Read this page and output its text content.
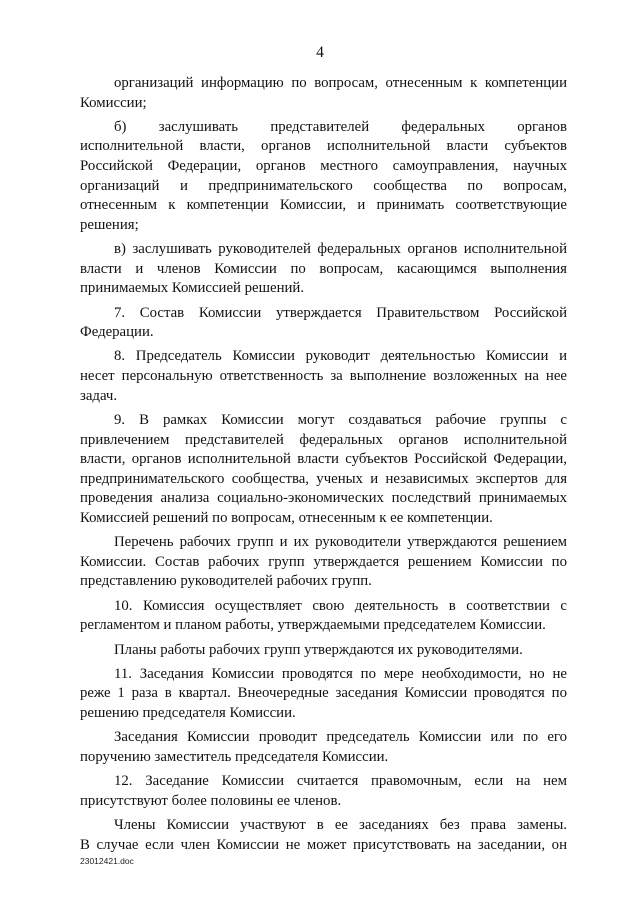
4
организаций информацию по вопросам, отнесенным к компетенции
Комиссии;
б) заслушивать представителей федеральных органов
исполнительной власти, органов исполнительной власти субъектов
Российской Федерации, органов местного самоуправления, научных
организаций и предпринимательского сообщества по вопросам,
отнесенным к компетенции Комиссии, и принимать соответствующие
решения;
в) заслушивать руководителей федеральных органов исполнительной
власти и членов Комиссии по вопросам, касающимся выполнения
принимаемых Комиссией решений.
7. Состав Комиссии утверждается Правительством Российской
Федерации.
8. Председатель Комиссии руководит деятельностью Комиссии и
несет персональную ответственность за выполнение возложенных на нее
задач.
9. В рамках Комиссии могут создаваться рабочие группы с
привлечением представителей федеральных органов исполнительной
власти, органов исполнительной власти субъектов Российской Федерации,
предпринимательского сообщества, ученых и независимых экспертов для
проведения анализа социально-экономических последствий принимаемых
Комиссией решений по вопросам, отнесенным к ее компетенции.
Перечень рабочих групп и их руководители утверждаются решением
Комиссии. Состав рабочих групп утверждается решением Комиссии по
представлению руководителей рабочих групп.
10. Комиссия осуществляет свою деятельность в соответствии с
регламентом и планом работы, утверждаемыми председателем Комиссии.
Планы работы рабочих групп утверждаются их руководителями.
11. Заседания Комиссии проводятся по мере необходимости, но не
реже 1 раза в квартал. Внеочередные заседания Комиссии проводятся по
решению председателя Комиссии.
Заседания Комиссии проводит председатель Комиссии или по его
поручению заместитель председателя Комиссии.
12. Заседание Комиссии считается правомочным, если на нем
присутствуют более половины ее членов.
Члены Комиссии участвуют в ее заседаниях без права замены.
В случае если член Комиссии не может присутствовать на заседании, он
23012421.doc
